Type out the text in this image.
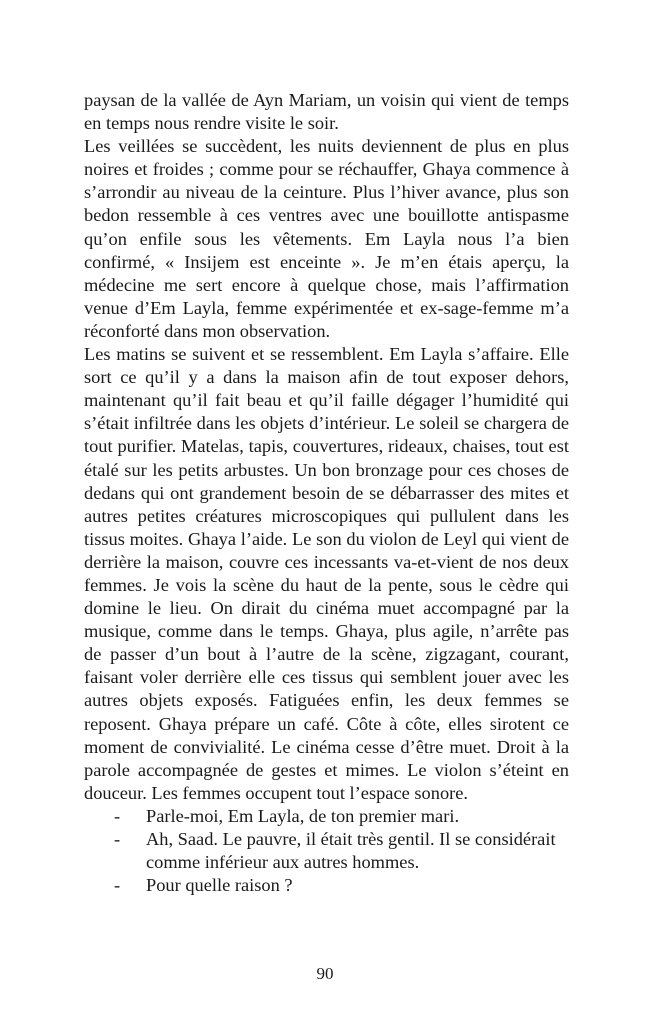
paysan de la vallée de Ayn Mariam, un voisin qui vient de temps en temps nous rendre visite le soir.

Les veillées se succèdent, les nuits deviennent de plus en plus noires et froides ; comme pour se réchauffer, Ghaya commence à s’arrondir au niveau de la ceinture. Plus l’hiver avance, plus son bedon ressemble à ces ventres avec une bouillotte antispasme qu’on enfile sous les vêtements. Em Layla nous l’a bien confirmé, « Insijem est enceinte ». Je m’en étais aperçu, la médecine me sert encore à quelque chose, mais l’affirmation venue d’Em Layla, femme expérimentée et ex-sage-femme m’a réconforté dans mon observation.

Les matins se suivent et se ressemblent. Em Layla s’affaire. Elle sort ce qu’il y a dans la maison afin de tout exposer dehors, maintenant qu’il fait beau et qu’il faille dégager l’humidité qui s’était infiltrée dans les objets d’intérieur. Le soleil se chargera de tout purifier. Matelas, tapis, couvertures, rideaux, chaises, tout est étalé sur les petits arbustes. Un bon bronzage pour ces choses de dedans qui ont grandement besoin de se débarrasser des mites et autres petites créatures microscopiques qui pullulent dans les tissus moites. Ghaya l’aide. Le son du violon de Leyl qui vient de derrière la maison, couvre ces incessants va-et-vient de nos deux femmes. Je vois la scène du haut de la pente, sous le cèdre qui domine le lieu. On dirait du cinéma muet accompagné par la musique, comme dans le temps. Ghaya, plus agile, n’arrête pas de passer d’un bout à l’autre de la scène, zigzagant, courant, faisant voler derrière elle ces tissus qui semblent jouer avec les autres objets exposés. Fatiguées enfin, les deux femmes se reposent. Ghaya prépare un café. Côte à côte, elles sirotent ce moment de convivialité. Le cinéma cesse d’être muet. Droit à la parole accompagnée de gestes et mimes. Le violon s’éteint en douceur. Les femmes occupent tout l’espace sonore.

- Parle-moi, Em Layla, de ton premier mari.
- Ah, Saad. Le pauvre, il était très gentil. Il se considérait comme inférieur aux autres hommes.
- Pour quelle raison ?
90
